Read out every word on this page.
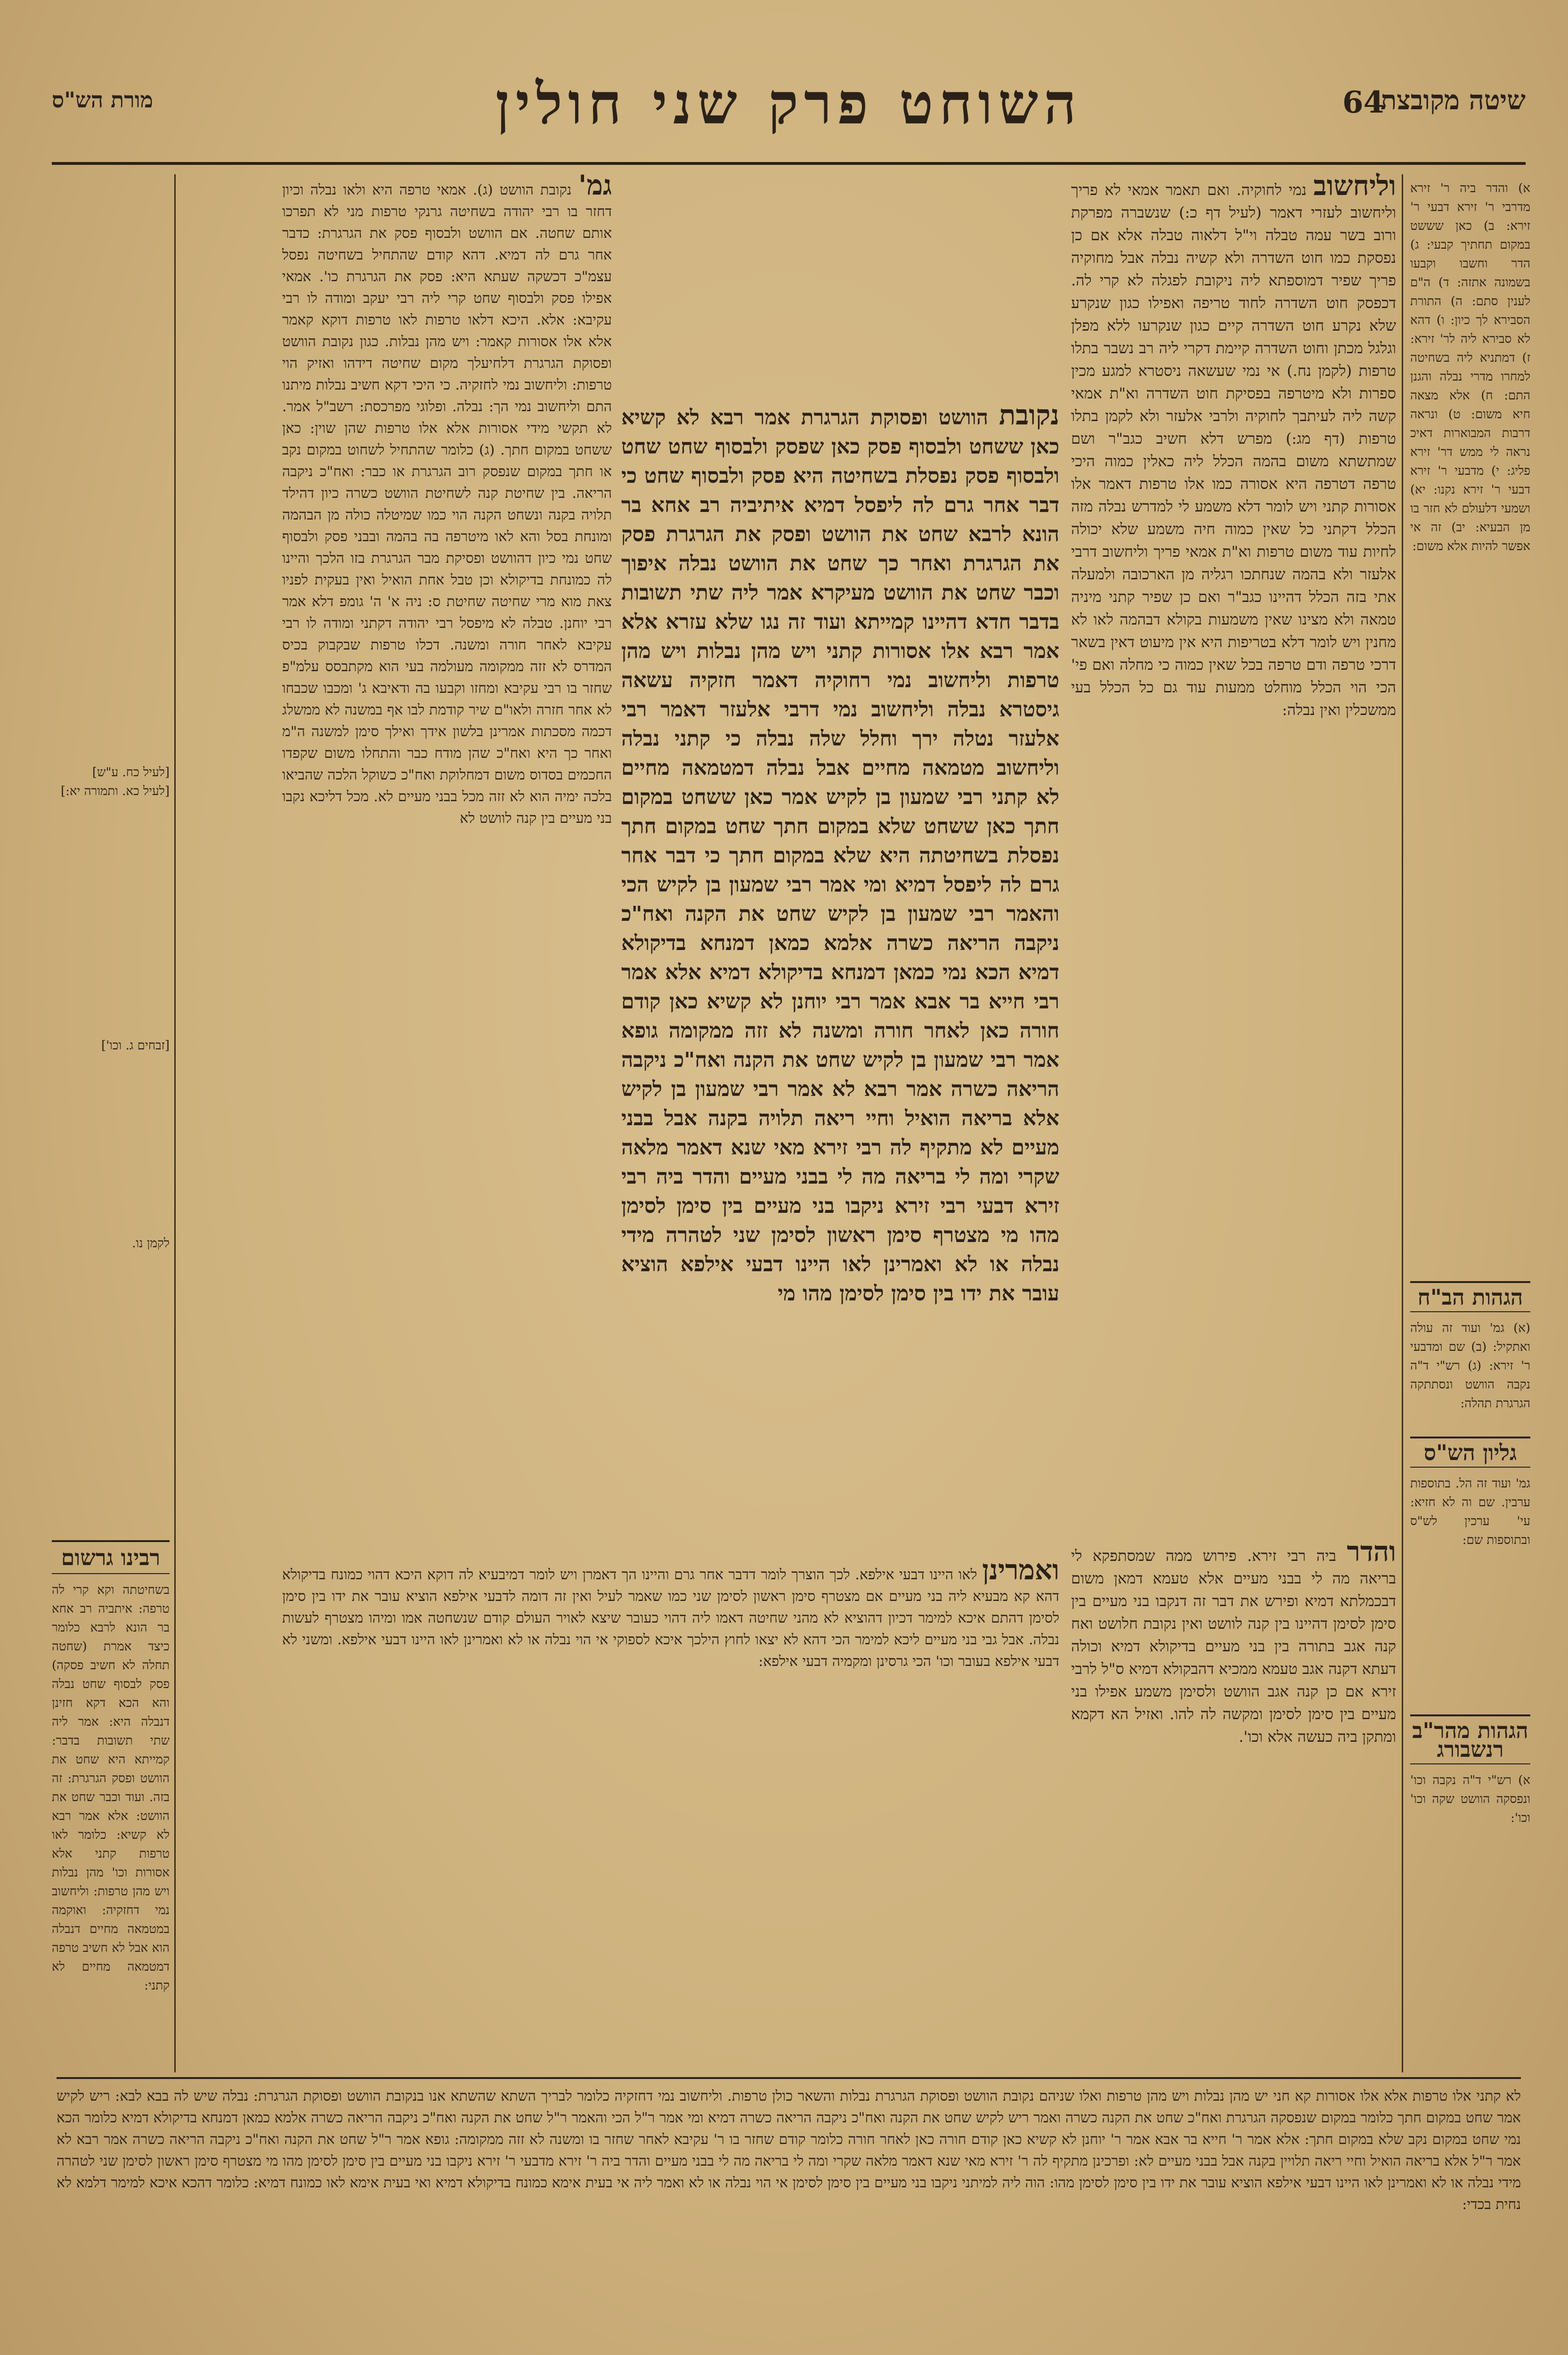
שיטה מקובצת
64
השוחט פרק שני חולין
מורת הש"ס

א) והדר ביה ר' זירא מדרבי ר' זירא דבעי ר' זירא: ב) כאן שששט במקום תחתיך קבעי: ג) הדר וחשבו וקבעו בשמונה אתזה: ד) ה"ם לענין סתם: ה) התורת הסבירא לך כיון: ו) דהא לא סבירא ליה לר' זירא: ז) דמתניא ליה בשחיטה למחרו מדרי נבלה והגנן התם: ח) אלא מצאה חיא משום: ט) ונראה דרבות המבוארות דאיכ נראה לי ממש דר' זירא פליג: י) מדבעי ר' זירא דבעי ר' זירא נקנו: יא) ושמעי דלעולם לא חזר בו מן הבעיא: יב) זה אי אפשר להיות אלא משום:

הגהות הב"ח

(א) גמ' ועוד זה עולה ואתקיל: (ב) שם ומדבעי ר' זירא: (ג) רש"י ד"ה נקבה הוושט ונסתתקה הגרגרת תהלה:

גליון הש"ס

גמ' ועוד זה הל. בתוספות ערבין. שם וה לא חזיא: עי' ערכין לש"ס ובתוספות שם:

הגהות מהר"ב רנשבורג

א) רש"י ד"ה נקבה וכו' ונפסקה הוושט שקה וכו' וכו':

וליחשוב נמי לחוקיה. ואם תאמר אמאי לא פריך וליחשוב לעזרי דאמר (לעיל דף כ:) שנשברה מפרקת ורוב בשר עמה טבלה וי"ל דלאוה טבלה אלא אם כן נפסקת כמו חוט השדרה ולא קשיה נבלה אבל מחוקיה פריך שפיר דמוספתא ליה ניקובת לפגלה לא קרי לה. דכפסק חוט השדרה לחוד טריפה ואפילו כגון שנקרע שלא נקרע חוט השדרה קיים כגון שנקרעו ללא מפלן וגלגל מכתן וחוט השדרה קיימת דקרי ליה רב נשבר בתלו טרפות (לקמן נח.) אי נמי שעשאה ניסטרא למגע מכין ספרות ולא מיטרפה בפסיקת חוט השדרה וא"ת אמאי קשה ליה לעיתבך לחוקיה ולרבי אלעזר ולא לקמן בתלו טרפות (דף מג:) מפרש דלא חשיב כגב"ר ושם שמתשתא משום בהמה הכלל ליה כאלין כמוה היכי טרפה דטרפה היא אסורה כמו אלו טרפות דאמר אלו אסורות קתני ויש לומר דלא משמע לי למדרש נבלה מזה הכלל דקתני כל שאין כמוה חיה משמע שלא יכולה לחיות עוד משום טרפות וא"ת אמאי פריך וליחשוב דרבי אלעזר ולא בהמה שנחתכו רגליה מן הארכובה ולמעלה אתי בזה הכלל דהיינו כגב"ר ואם כן שפיר קתני מיניה טמאה ולא מצינו שאין משמעות בקולא דבהמה לאו לא מחנין ויש לומר דלא בטריפות היא אין מיעוט דאין בשאר דרכי טרפה ודם טרפה בכל שאין כמוה כי מחלה ואם פי' הכי הוי הכלל מוחלט ממעות עוד גם כל הכלל בעי ממשכלין ואין נבלה:

והדר ביה רבי זירא. פירוש ממה שמסתפקא לי בריאה מה לי בבני מעיים אלא טעמא דמאן משום דבכמלתא דמיא ופירש את דבר זה דנקבו בני מעיים בין סימן לסימן דהיינו בין קנה לוושט ואין נקובת חלושט ואח קנה אגב בתורה בין בני מעיים בדיקולא דמיא וכולה דעתא דקנה אגב טעמא ממכיא דהבקולא דמיא ס"ל לרבי זירא אם כן קנה אגב הוושט ולסימן משמע אפילו בני מעיים בין סימן לסימן ומקשה לה להו. ואזיל הא דקמא ומתקן ביה כעשה אלא וכו'.

נקובת הוושט ופסוקת הגרגרת אמר רבא לא קשיא כאן ששחט ולבסוף פסק כאן שפסק ולבסוף שחט שחט ולבסוף פסק נפסלת בשחיטה היא פסק ולבסוף שחט כי דבר אחר גרם לה ליפסל דמיא איתיביה רב אחא בר הונא לרבא שחט את הוושט ופסק את הגרגרת פסק את הגרגרת ואחר כך שחט את הוושט נבלה איפוך וכבר שחט את הוושט מעיקרא אמר ליה שתי תשובות בדבר חדא דהיינו קמייתא ועוד זה נגו שלא עזרא אלא אמר רבא אלו אסורות קתני ויש מהן נבלות ויש מהן טרפות וליחשוב נמי רחוקיה דאמר חזקיה עשאה גיסטרא נבלה וליחשוב נמי דרבי אלעזר דאמר רבי אלעזר נטלה ירך וחלל שלה נבלה כי קתני נבלה וליחשוב מטמאה מחיים אבל נבלה דמטמאה מחיים לא קתני רבי שמעון בן לקיש אמר כאן ששחט במקום חתך כאן ששחט שלא במקום חתך שחט במקום חתך נפסלת בשחיטתה היא שלא במקום חתך כי דבר אחר גרם לה ליפסל דמיא ומי אמר רבי שמעון בן לקיש הכי והאמר רבי שמעון בן לקיש שחט את הקנה ואח"כ ניקבה הריאה כשרה אלמא כמאן דמנחא בדיקולא דמיא הכא נמי כמאן דמנחא בדיקולא דמיא אלא אמר רבי חייא בר אבא אמר רבי יוחנן לא קשיא כאן קודם חורה כאן לאחר חורה ומשנה לא זזה ממקומה גופא אמר רבי שמעון בן לקיש שחט את הקנה ואח"כ ניקבה הריאה כשרה אמר רבא לא אמר רבי שמעון בן לקיש אלא בריאה הואיל וחיי ריאה תלויה בקנה אבל בבני מעיים לא מתקיף לה רבי זירא מאי שנא דאמר מלאה שקרי ומה לי בריאה מה לי בבני מעיים והדר ביה רבי זירא דבעי רבי זירא ניקבו בני מעיים בין סימן לסימן מהו מי מצטרף סימן ראשון לסימן שני לטהרה מידי נבלה או לא ואמרינן לאו היינו דבעי אילפא הוציא עובר את ידו בין סימן לסימן מהו מי

גמ' נקובת הוושט (ג). אמאי טרפה היא ולאו נבלה וכיון דחזר בו רבי יהודה בשחיטה גרנקי טרפות מני לא תפרכו אותם שחטה. אם הוושט ולבסוף פסק את הגרגרת: כדבר אחר גרם לה דמיא. דהא קודם שהתחיל בשחיטה נפסל עצמ"כ דכשקה שעתא היא: פסק את הגרגרת כו'. אמאי אפילו פסק ולבסוף שחט קרי ליה רבי יעקב ומודה לו רבי עקיבא: אלא. היכא דלאו טרפות לאו טרפות דוקא קאמר אלא אלו אסורות קאמר: ויש מהן נבלות. כגון נקובת הוושט ופסוקת הגרגרת דלחיעלך מקום שחיטה דידהו ואזיק הוי טרפות: וליחשוב נמי לחזקיה. כי היכי דקא חשיב נבלות מיתנו התם וליחשוב נמי הך: נבלה. ופלוגי מפרכסת: רשב"ל אמר. לא תקשי מידי אסורות אלא אלו טרפות שהן שוין: כאן ששחט במקום חתך. (ג) כלומר שהתחיל לשחוט במקום נקב או חתך במקום שנפסק רוב הגרגרת או כבר: ואח"כ ניקבה הריאה. בין שחיטת קנה לשחיטת הוושט כשרה כיון דהילד תלויה בקנה ונשחט הקנה הוי כמו שמיטלה כולה מן הבהמה ומונחת בסל והא לאו מיטרפה בה בהמה ובבני פסק ולבסוף שחט נמי כיון דהוושט ופסיקת מבר הגרגרת בזו הלכך והיינו לה כמונחת בדיקולא וכן טבל אחת הואיל ואין בעקית לפניו צאת מוא מרי שחיטה שחיטת ס: ניה א' ה' גומפ דלא אמר רבי יוחנן. טבלה לא מיפסל רבי יהודה דקתני ומודה לו רבי עקיבא לאחר חורה ומשנה. דכלו טרפות שבקבוק בכיס המדרס לא זזה ממקומה מעולמה בעי הוא מקתבסס עלמ"פ שחזר בו רבי עקיבא ומחזו וקבעו בה ודאיבא ג' ומכבו שכבחו לא אחר חזרה ולאו"ם שיר קודמת לבו אף במשנה לא ממשלג דכמה מסכתות אמרינן בלשון אידך ואילך סימן למשנה ה"מ ואחר כך היא ואח"כ שהן מודח כבר והתחלו משום שקפדו החכמים בסדוס משום דמחלוקת ואח"כ כשוקל הלכה שהביאו בלכה ימיה הוא לא זזה מכל בבני מעיים לא. מכל דליכא נקבו בני מעיים בין קנה לוושט לא

ואמרינן לאו היינו דבעי אילפא. לכך הוצרך לומר דדבר אחר גרם והיינו הך דאמרן ויש לומר דמיבעיא לה דוקא היכא דהוי כמונח בדיקולא דהא קא מבעיא ליה בני מעיים אם מצטרף סימן ראשון לסימן שני כמו שאמר לעיל ואין זה דומה לדבעי אילפא הוציא עובר את ידו בין סימן לסימן דהתם איכא למימר דכיון דהוציא לא מהני שחיטה דאמו ליה דהוי כעובר שיצא לאויר העולם קודם שנשחטה אמו ומיהו מצטרף לעשות נבלה. אבל גבי בני מעיים ליכא למימר הכי דהא לא יצאו לחוץ הילכך איכא לספוקי אי הוי נבלה או לא ואמרינן לאו היינו דבעי אילפא. ומשני לא דבעי אילפא בעובר וכו' הכי גרסינן ומקמיה דבעי אילפא:

[לעיל כח. ע"ש]

[לעיל כא. ותמורה יא:]

[זבחים ג. וכו']

לקמן נו.

רבינו גרשום

בשחיטתה וקא קרי לה טרפה: איתביה רב אחא בר הונא לרבא כלומר כיצד אמרת (שחטה תחלה לא חשיב פסקה) פסק לבסוף שחט נבלה והא הכא דקא חזינן דנבלה היא: אמר ליה שתי תשובות בדבר: קמייתא היא שחט את הוושט ופסק הגרגרת: זה בזה. ועוד וכבר שחט את הוושט: אלא אמר רבא לא קשיא: כלומר לאו טרפות קתני אלא אסורות וכו' מהן נבלות ויש מהן טרפות: וליחשוב נמי דחזקיה: ואוקמה במטמאה מחיים דנבלה הוא אבל לא חשיב טרפה דמטמאה מחיים לא קתני:

לא קתני אלו טרפות אלא אלו אסורות קא חני יש מהן נבלות ויש מהן טרפות ואלו שניהם נקובת הוושט ופסוקת הגרגרת נבלות והשאר כולן טרפות. וליחשוב נמי דחזקיה כלומר לבריך השתא שהשתא אנו בנקובת הוושט ופסוקת הגרגרת: נבלה שיש לה בבא לבא: ריש לקיש אמר שחט במקום חתך כלומר במקום שנפסקה הגרגרת ואח"כ שחט את הקנה כשרה ואמר ריש לקיש שחט את הקנה ואח"כ ניקבה הריאה כשרה דמיא ומי אמר ר"ל הכי והאמר ר"ל שחט את הקנה ואח"כ ניקבה הריאה כשרה אלמא כמאן דמנחא בדיקולא דמיא כלומר הכא נמי שחט במקום נקב שלא במקום חתך: אלא אמר ר' חייא בר אבא אמר ר' יוחנן לא קשיא כאן קודם חורה כאן לאחר חורה כלומר קודם שחזר בו ר' עקיבא לאחר שחזר בו ומשנה לא זזה ממקומה: גופא אמר ר"ל שחט את הקנה ואח"כ ניקבה הריאה כשרה אמר רבא לא אמר ר"ל אלא בריאה הואיל וחיי ריאה תלויין בקנה אבל בבני מעיים לא: ופרכינן מתקיף לה ר' זירא מאי שנא דאמר מלאה שקרי ומה לי בריאה מה לי בבני מעיים והדר ביה ר' זירא מדבעי ר' זירא ניקבו בני מעיים בין סימן לסימן מהו מי מצטרף סימן ראשון לסימן שני לטהרה מידי נבלה או לא ואמרינן לאו היינו דבעי אילפא הוציא עובר את ידו בין סימן לסימן מהו: הוה ליה למיתני ניקבו בני מעיים בין סימן לסימן אי הוי נבלה או לא ואמר ליה אי בעית אימא כמונח בדיקולא דמיא ואי בעית אימא לאו כמונח דמיא: כלומר דהכא איכא למימר דלמא לא נחית בכדי:
